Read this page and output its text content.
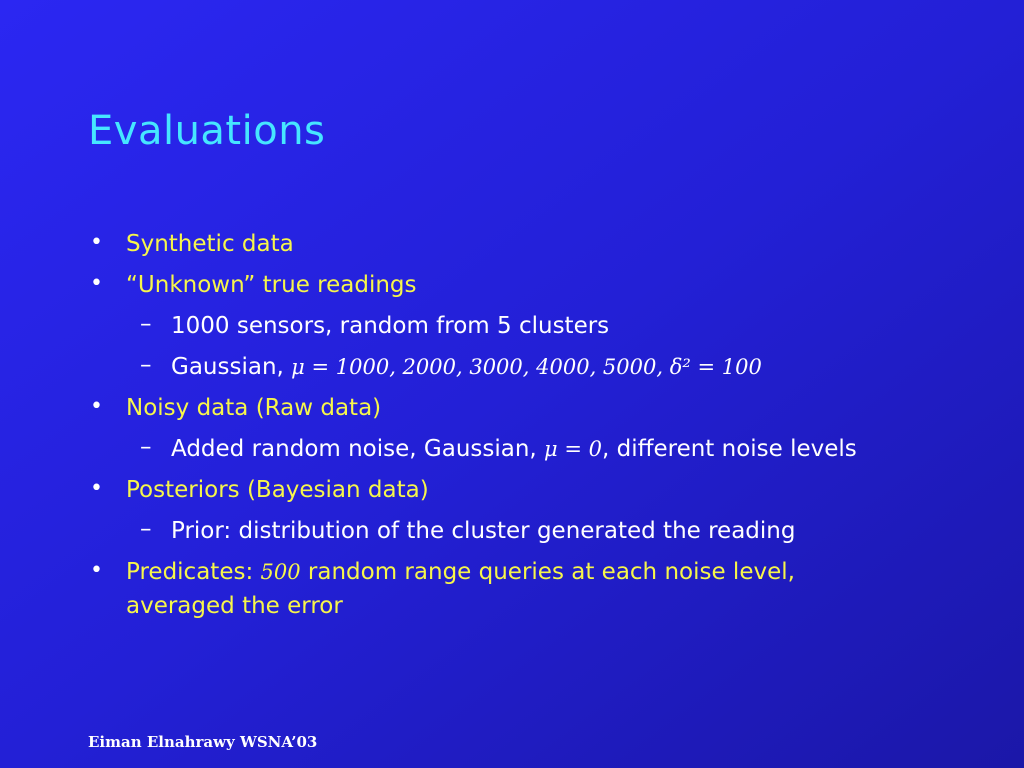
Evaluations
• Synthetic data
• “Unknown” true readings
– 1000 sensors, random from 5 clusters
– Gaussian, μ = 1000, 2000, 3000, 4000, 5000, δ² = 100
• Noisy data (Raw data)
– Added random noise, Gaussian, μ = 0, different noise levels
• Posteriors (Bayesian data)
– Prior: distribution of the cluster generated the reading
• Predicates: 500 random range queries at each noise level,
averaged the error
Eiman Elnahrawy WSNA’03
